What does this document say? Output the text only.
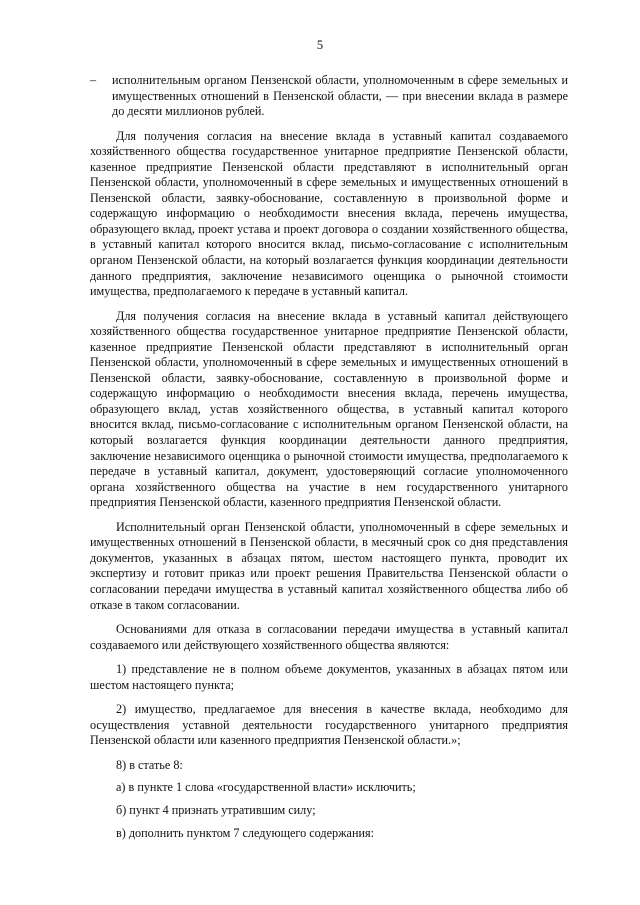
5

– исполнительным органом Пензенской области, уполномоченным в сфере земельных и имущественных отношений в Пензенской области, — при внесении вклада в размере до десяти миллионов рублей.

Для получения согласия на внесение вклада в уставный капитал создаваемого хозяйственного общества государственное унитарное предприятие Пензенской области, казенное предприятие Пензенской области представляют в исполнительный орган Пензенской области, уполномоченный в сфере земельных и имущественных отношений в Пензенской области, заявку-обоснование, составленную в произвольной форме и содержащую информацию о необходимости внесения вклада, перечень имущества, образующего вклад, проект устава и проект договора о создании хозяйственного общества, в уставный капитал которого вносится вклад, письмо-согласование с исполнительным органом Пензенской области, на который возлагается функция координации деятельности данного предприятия, заключение независимого оценщика о рыночной стоимости имущества, предполагаемого к передаче в уставный капитал.

Для получения согласия на внесение вклада в уставный капитал действующего хозяйственного общества государственное унитарное предприятие Пензенской области, казенное предприятие Пензенской области представляют в исполнительный орган Пензенской области, уполномоченный в сфере земельных и имущественных отношений в Пензенской области, заявку-обоснование, составленную в произвольной форме и содержащую информацию о необходимости внесения вклада, перечень имущества, образующего вклад, устав хозяйственного общества, в уставный капитал которого вносится вклад, письмо-согласование с исполнительным органом Пензенской области, на который возлагается функция координации деятельности данного предприятия, заключение независимого оценщика о рыночной стоимости имущества, предполагаемого к передаче в уставный капитал, документ, удостоверяющий согласие уполномоченного органа хозяйственного общества на участие в нем государственного унитарного предприятия Пензенской области, казенного предприятия Пензенской области.

Исполнительный орган Пензенской области, уполномоченный в сфере земельных и имущественных отношений в Пензенской области, в месячный срок со дня представления документов, указанных в абзацах пятом, шестом настоящего пункта, проводит их экспертизу и готовит приказ или проект решения Правительства Пензенской области о согласовании передачи имущества в уставный капитал хозяйственного общества либо об отказе в таком согласовании.

Основаниями для отказа в согласовании передачи имущества в уставный капитал создаваемого или действующего хозяйственного общества являются:

1) представление не в полном объеме документов, указанных в абзацах пятом или шестом настоящего пункта;

2) имущество, предлагаемое для внесения в качестве вклада, необходимо для осуществления уставной деятельности государственного унитарного предприятия Пензенской области или казенного предприятия Пензенской области.»;

8) в статье 8:

а) в пункте 1 слова «государственной власти» исключить;

б) пункт 4 признать утратившим силу;

в) дополнить пунктом 7 следующего содержания:
